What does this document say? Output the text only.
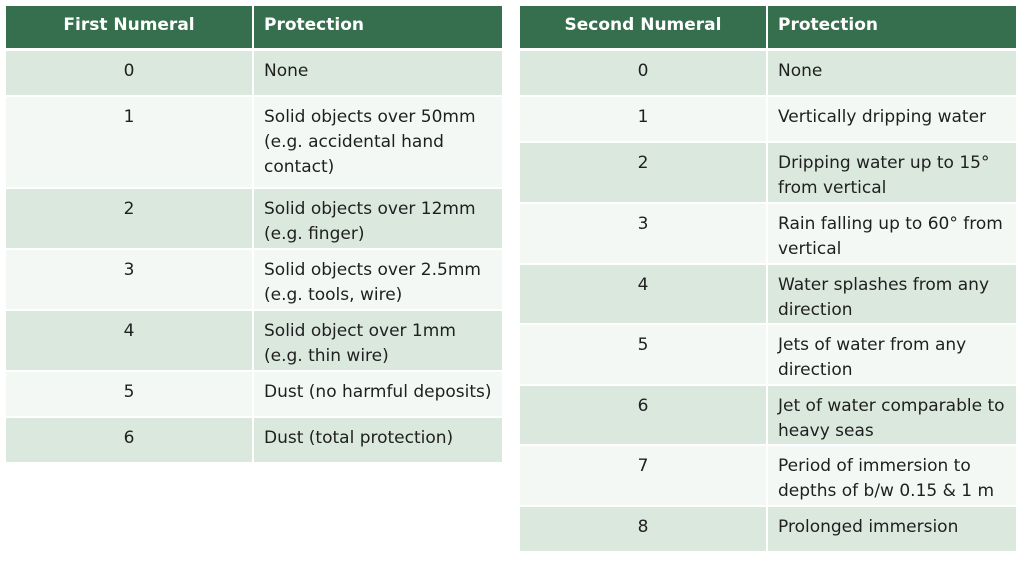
First Numeral	Protection
0	None
1	Solid objects over 50mm (e.g. accidental hand contact)
2	Solid objects over 12mm (e.g. finger)
3	Solid objects over 2.5mm (e.g. tools, wire)
4	Solid object over 1mm (e.g. thin wire)
5	Dust (no harmful deposits)
6	Dust (total protection)
Second Numeral	Protection
0	None
1	Vertically dripping water
2	Dripping water up to 15° from vertical
3	Rain falling up to 60° from vertical
4	Water splashes from any direction
5	Jets of water from any direction
6	Jet of water comparable to heavy seas
7	Period of immersion to depths of b/w 0.15 & 1 m
8	Prolonged immersion
